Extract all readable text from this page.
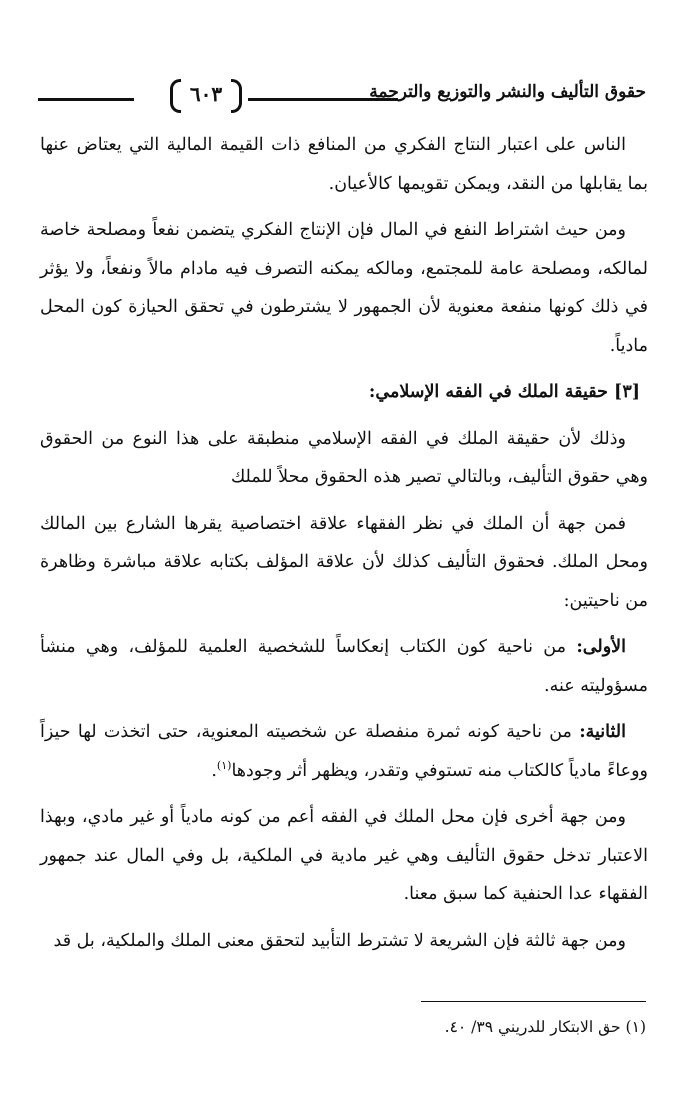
٦٠٣	حقوق التأليف والنشر والتوزيع والترجمة

الناس على اعتبار النتاج الفكري من المنافع ذات القيمة المالية التي يعتاض عنها بما يقابلها من النقد، ويمكن تقويمها كالأعيان.

ومن حيث اشتراط النفع في المال فإن الإنتاج الفكري يتضمن نفعاً ومصلحة خاصة لمالكه، ومصلحة عامة للمجتمع، ومالكه يمكنه التصرف فيه مادام مالاً ونفعاً، ولا يؤثر في ذلك كونها منفعة معنوية لأن الجمهور لا يشترطون في تحقق الحيازة كون المحل مادياً.

[٣] حقيقة الملك في الفقه الإسلامي:

وذلك لأن حقيقة الملك في الفقه الإسلامي منطبقة على هذا النوع من الحقوق وهي حقوق التأليف، وبالتالي تصير هذه الحقوق محلاً للملك

فمن جهة أن الملك في نظر الفقهاء علاقة اختصاصية يقرها الشارع بين المالك ومحل الملك. فحقوق التأليف كذلك لأن علاقة المؤلف بكتابه علاقة مباشرة وظاهرة من ناحيتين:

الأولى: من ناحية كون الكتاب إنعكاساً للشخصية العلمية للمؤلف، وهي منشأ مسؤوليته عنه.

الثانية: من ناحية كونه ثمرة منفصلة عن شخصيته المعنوية، حتى اتخذت لها حيزاً ووعاءً مادياً كالكتاب منه تستوفي وتقدر، ويظهر أثر وجودها$^{(١)}$.

ومن جهة أخرى فإن محل الملك في الفقه أعم من كونه مادياً أو غير مادي، وبهذا الاعتبار تدخل حقوق التأليف وهي غير مادية في الملكية، بل وفي المال عند جمهور الفقهاء عدا الحنفية كما سبق معنا.

ومن جهة ثالثة فإن الشريعة لا تشترط التأبيد لتحقق معنى الملك والملكية، بل قد

(١) حق الابتكار للدريني ٣٩/ ٤٠.
